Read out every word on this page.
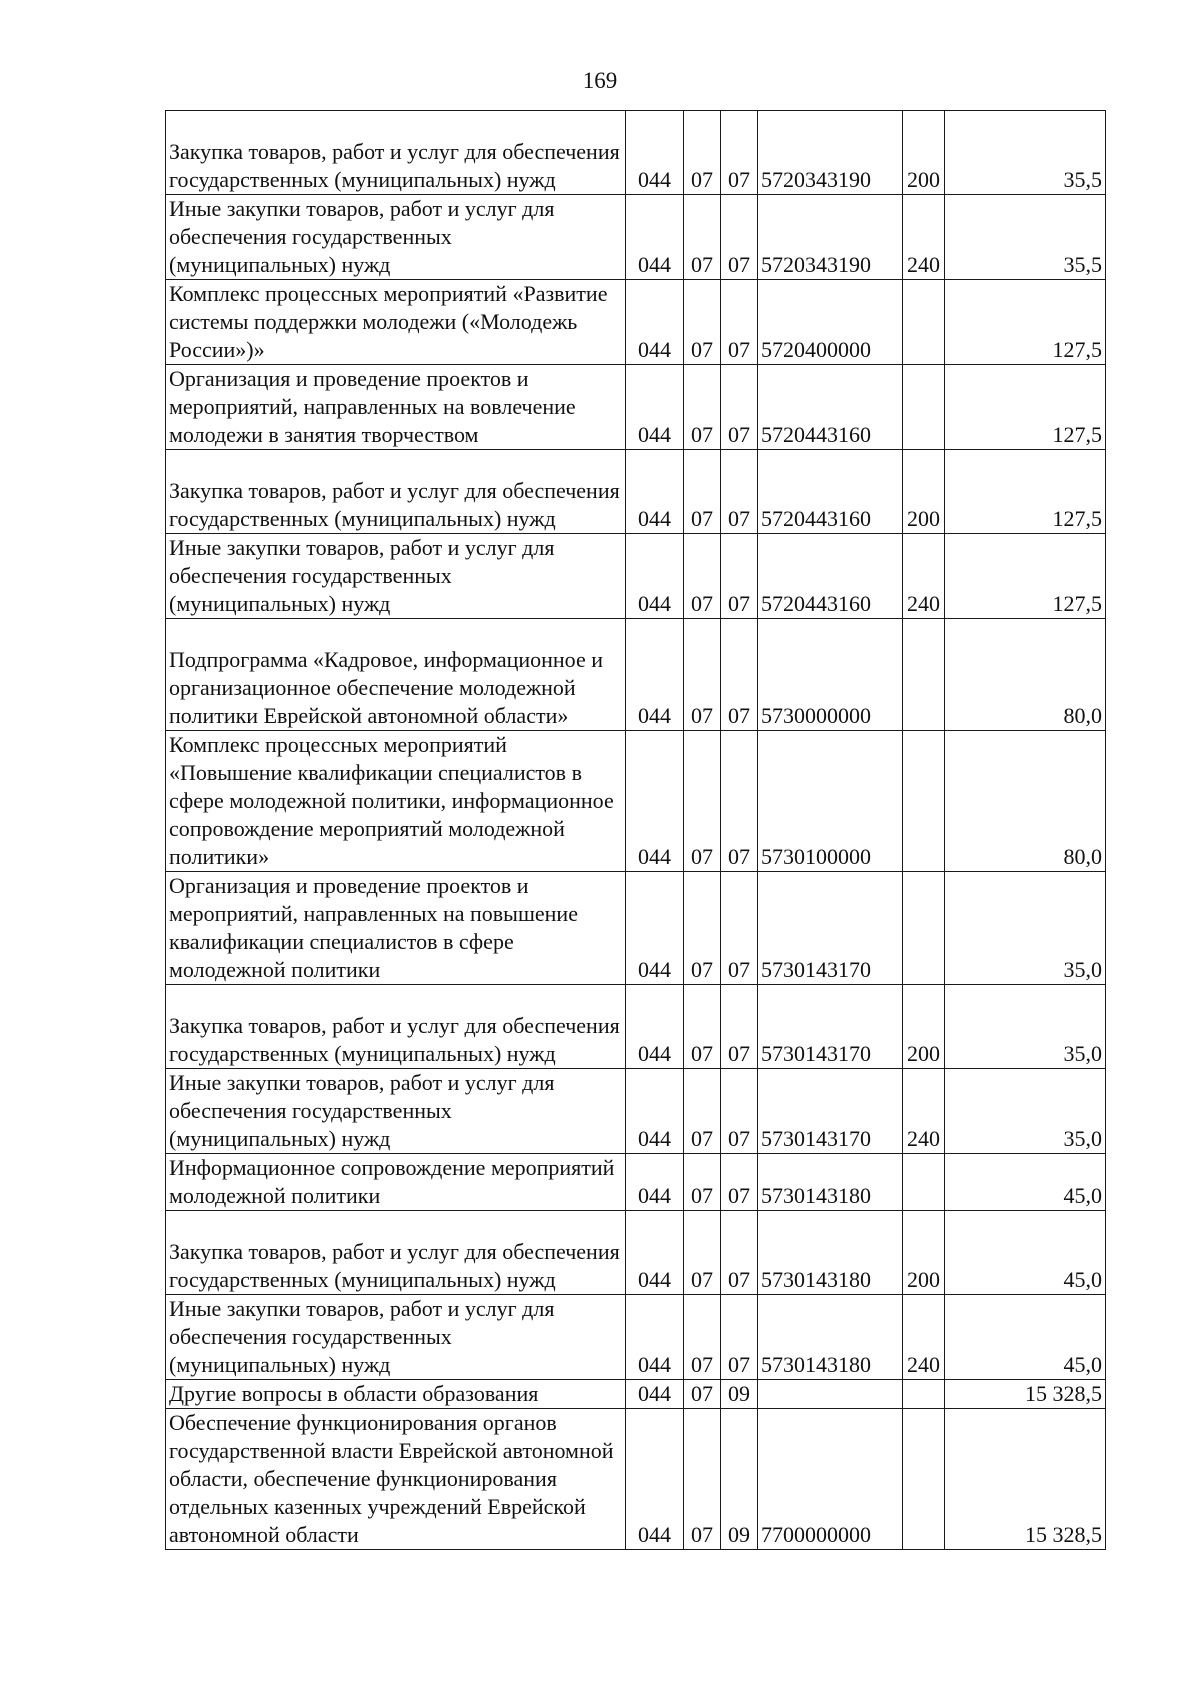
169
Закупка товаров, работ и услуг для обеспечения государственных (муниципальных) нужд	044	07	07	5720343190	200	35,5
Иные закупки товаров, работ и услуг для обеспечения государственных (муниципальных) нужд	044	07	07	5720343190	240	35,5
Комплекс процессных мероприятий «Развитие системы поддержки молодежи («Молодежь России»)»	044	07	07	5720400000		127,5
Организация и проведение проектов и мероприятий, направленных на вовлечение молодежи в занятия творчеством	044	07	07	5720443160		127,5
Закупка товаров, работ и услуг для обеспечения государственных (муниципальных) нужд	044	07	07	5720443160	200	127,5
Иные закупки товаров, работ и услуг для обеспечения государственных (муниципальных) нужд	044	07	07	5720443160	240	127,5
Подпрограмма «Кадровое, информационное и организационное обеспечение молодежной политики Еврейской автономной области»	044	07	07	5730000000		80,0
Комплекс процессных мероприятий «Повышение квалификации специалистов в сфере молодежной политики, информационное сопровождение мероприятий молодежной политики»	044	07	07	5730100000		80,0
Организация и проведение проектов и мероприятий, направленных на повышение квалификации специалистов в сфере молодежной политики	044	07	07	5730143170		35,0
Закупка товаров, работ и услуг для обеспечения государственных (муниципальных) нужд	044	07	07	5730143170	200	35,0
Иные закупки товаров, работ и услуг для обеспечения государственных (муниципальных) нужд	044	07	07	5730143170	240	35,0
Информационное сопровождение мероприятий молодежной политики	044	07	07	5730143180		45,0
Закупка товаров, работ и услуг для обеспечения государственных (муниципальных) нужд	044	07	07	5730143180	200	45,0
Иные закупки товаров, работ и услуг для обеспечения государственных (муниципальных) нужд	044	07	07	5730143180	240	45,0
Другие вопросы в области образования	044	07	09			15 328,5
Обеспечение функционирования органов государственной власти Еврейской автономной области, обеспечение функционирования отдельных казенных учреждений Еврейской автономной области	044	07	09	7700000000		15 328,5
